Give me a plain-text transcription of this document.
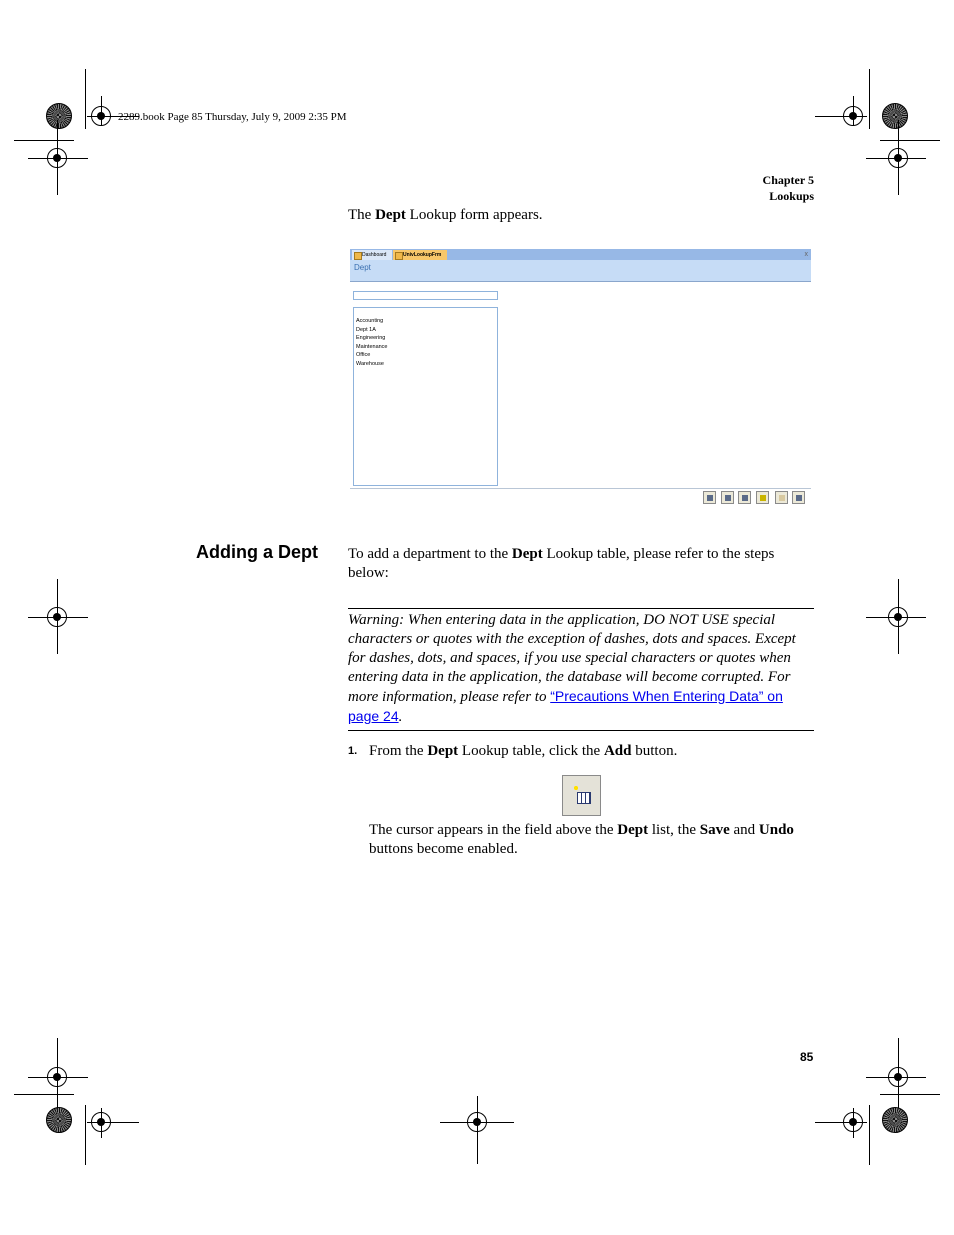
2289.book Page 85 Thursday, July 9, 2009 2:35 PM
Chapter 5
Lookups
The Dept Lookup form appears.
Dashboard	UnivLookupFrm	x
Dept
Accounting
Dept 1A
Engineering
Maintenance
Office
Warehouse
Adding a Dept To add a department to the Dept Lookup table, please refer to the steps below:
Warning: When entering data in the application, DO NOT USE special characters or quotes with the exception of dashes, dots and spaces. Except for dashes, dots, and spaces, if you use special characters or quotes when entering data in the application, the database will become corrupted. For more information, please refer to “Precautions When Entering Data” on page 24.
1. From the Dept Lookup table, click the Add button.
The cursor appears in the field above the Dept list, the Save and Undo buttons become enabled.
85
